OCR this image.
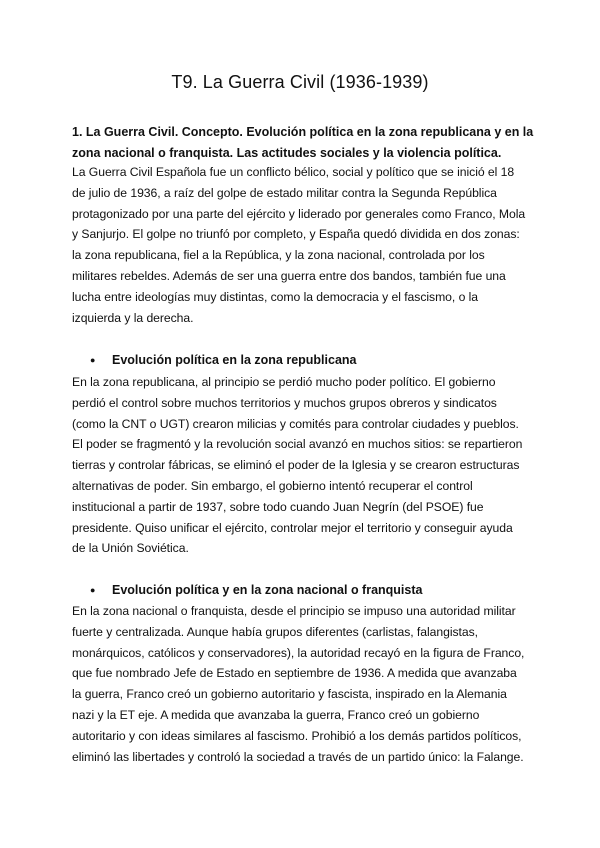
T9. La Guerra Civil (1936-1939)
1. La Guerra Civil. Concepto. Evolución política en la zona republicana y en la
zona nacional o franquista. Las actitudes sociales y la violencia política.
La Guerra Civil Española fue un conflicto bélico, social y político que se inició el 18
de julio de 1936, a raíz del golpe de estado militar contra la Segunda República
protagonizado por una parte del ejército y liderado por generales como Franco, Mola
y Sanjurjo. El golpe no triunfó por completo, y España quedó dividida en dos zonas:
la zona republicana, fiel a la República, y la zona nacional, controlada por los
militares rebeldes. Además de ser una guerra entre dos bandos, también fue una
lucha entre ideologías muy distintas, como la democracia y el fascismo, o la
izquierda y la derecha.
● Evolución política en la zona republicana
En la zona republicana, al principio se perdió mucho poder político. El gobierno
perdió el control sobre muchos territorios y muchos grupos obreros y sindicatos
(como la CNT o UGT) crearon milicias y comités para controlar ciudades y pueblos.
El poder se fragmentó y la revolución social avanzó en muchos sitios: se repartieron
tierras y controlar fábricas, se eliminó el poder de la Iglesia y se crearon estructuras
alternativas de poder. Sin embargo, el gobierno intentó recuperar el control
institucional a partir de 1937, sobre todo cuando Juan Negrín (del PSOE) fue
presidente. Quiso unificar el ejército, controlar mejor el territorio y conseguir ayuda
de la Unión Soviética.
● Evolución política y en la zona nacional o franquista
En la zona nacional o franquista, desde el principio se impuso una autoridad militar
fuerte y centralizada. Aunque había grupos diferentes (carlistas, falangistas,
monárquicos, católicos y conservadores), la autoridad recayó en la figura de Franco,
que fue nombrado Jefe de Estado en septiembre de 1936. A medida que avanzaba
la guerra, Franco creó un gobierno autoritario y fascista, inspirado en la Alemania
nazi y la ET eje. A medida que avanzaba la guerra, Franco creó un gobierno
autoritario y con ideas similares al fascismo. Prohibió a los demás partidos políticos,
eliminó las libertades y controló la sociedad a través de un partido único: la Falange.
